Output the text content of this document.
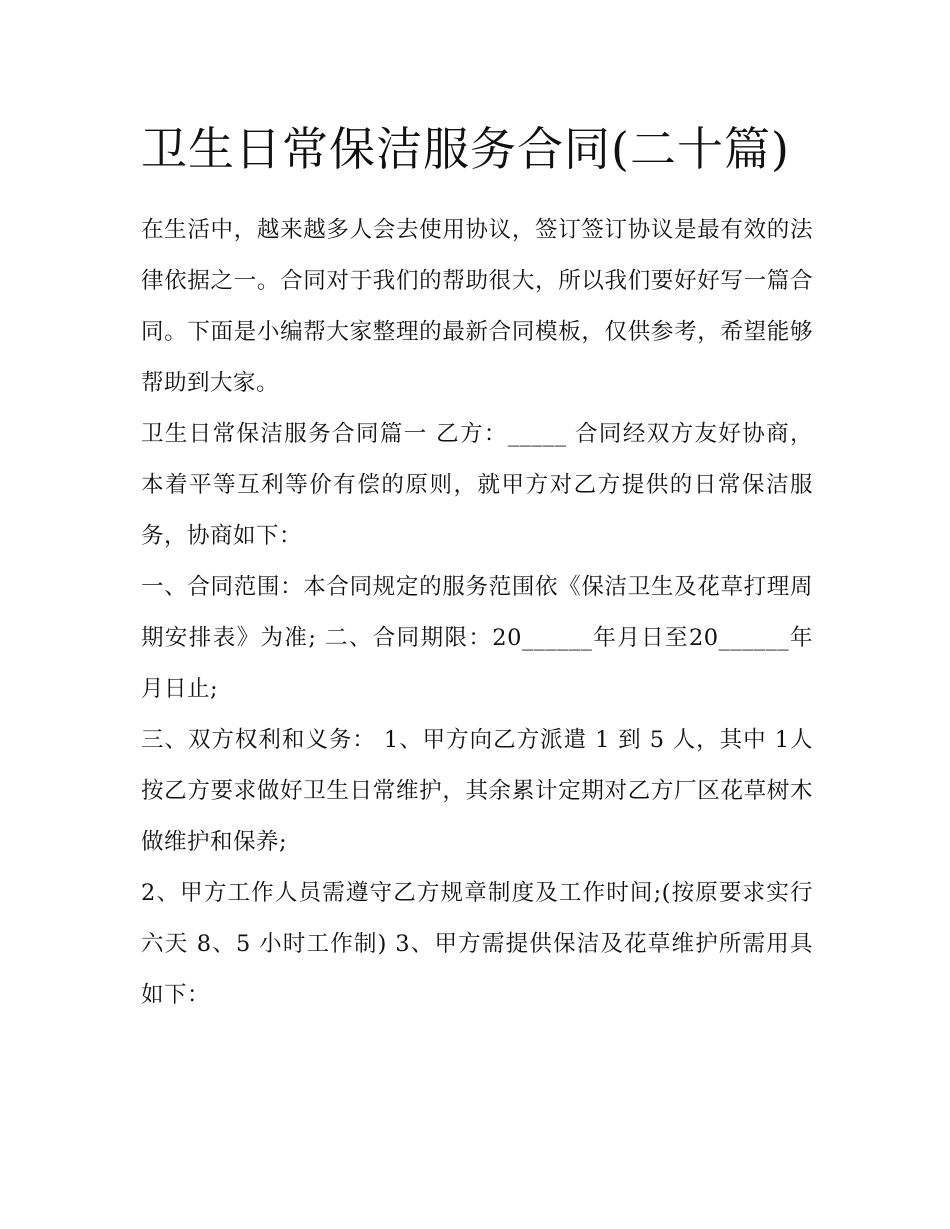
卫生日常保洁服务合同(二十篇)

在生活中，越来越多人会去使用协议，签订签订协议是最有效的法律依据之一。合同对于我们的帮助很大，所以我们要好好写一篇合同。下面是小编帮大家整理的最新合同模板，仅供参考，希望能够帮助到大家。

卫生日常保洁服务合同篇一 乙方：_____ 合同经双方友好协商，本着平等互利等价有偿的原则，就甲方对乙方提供的日常保洁服务，协商如下：

一、合同范围：本合同规定的服务范围依《保洁卫生及花草打理周期安排表》为准; 二、合同期限：20______年月日至20______年月日止;

三、双方权利和义务： 1、甲方向乙方派遣 1 到 5 人，其中 1人按乙方要求做好卫生日常维护，其余累计定期对乙方厂区花草树木做维护和保养;

2、甲方工作人员需遵守乙方规章制度及工作时间;(按原要求实行六天 8、5 小时工作制) 3、甲方需提供保洁及花草维护所需用具如下：
